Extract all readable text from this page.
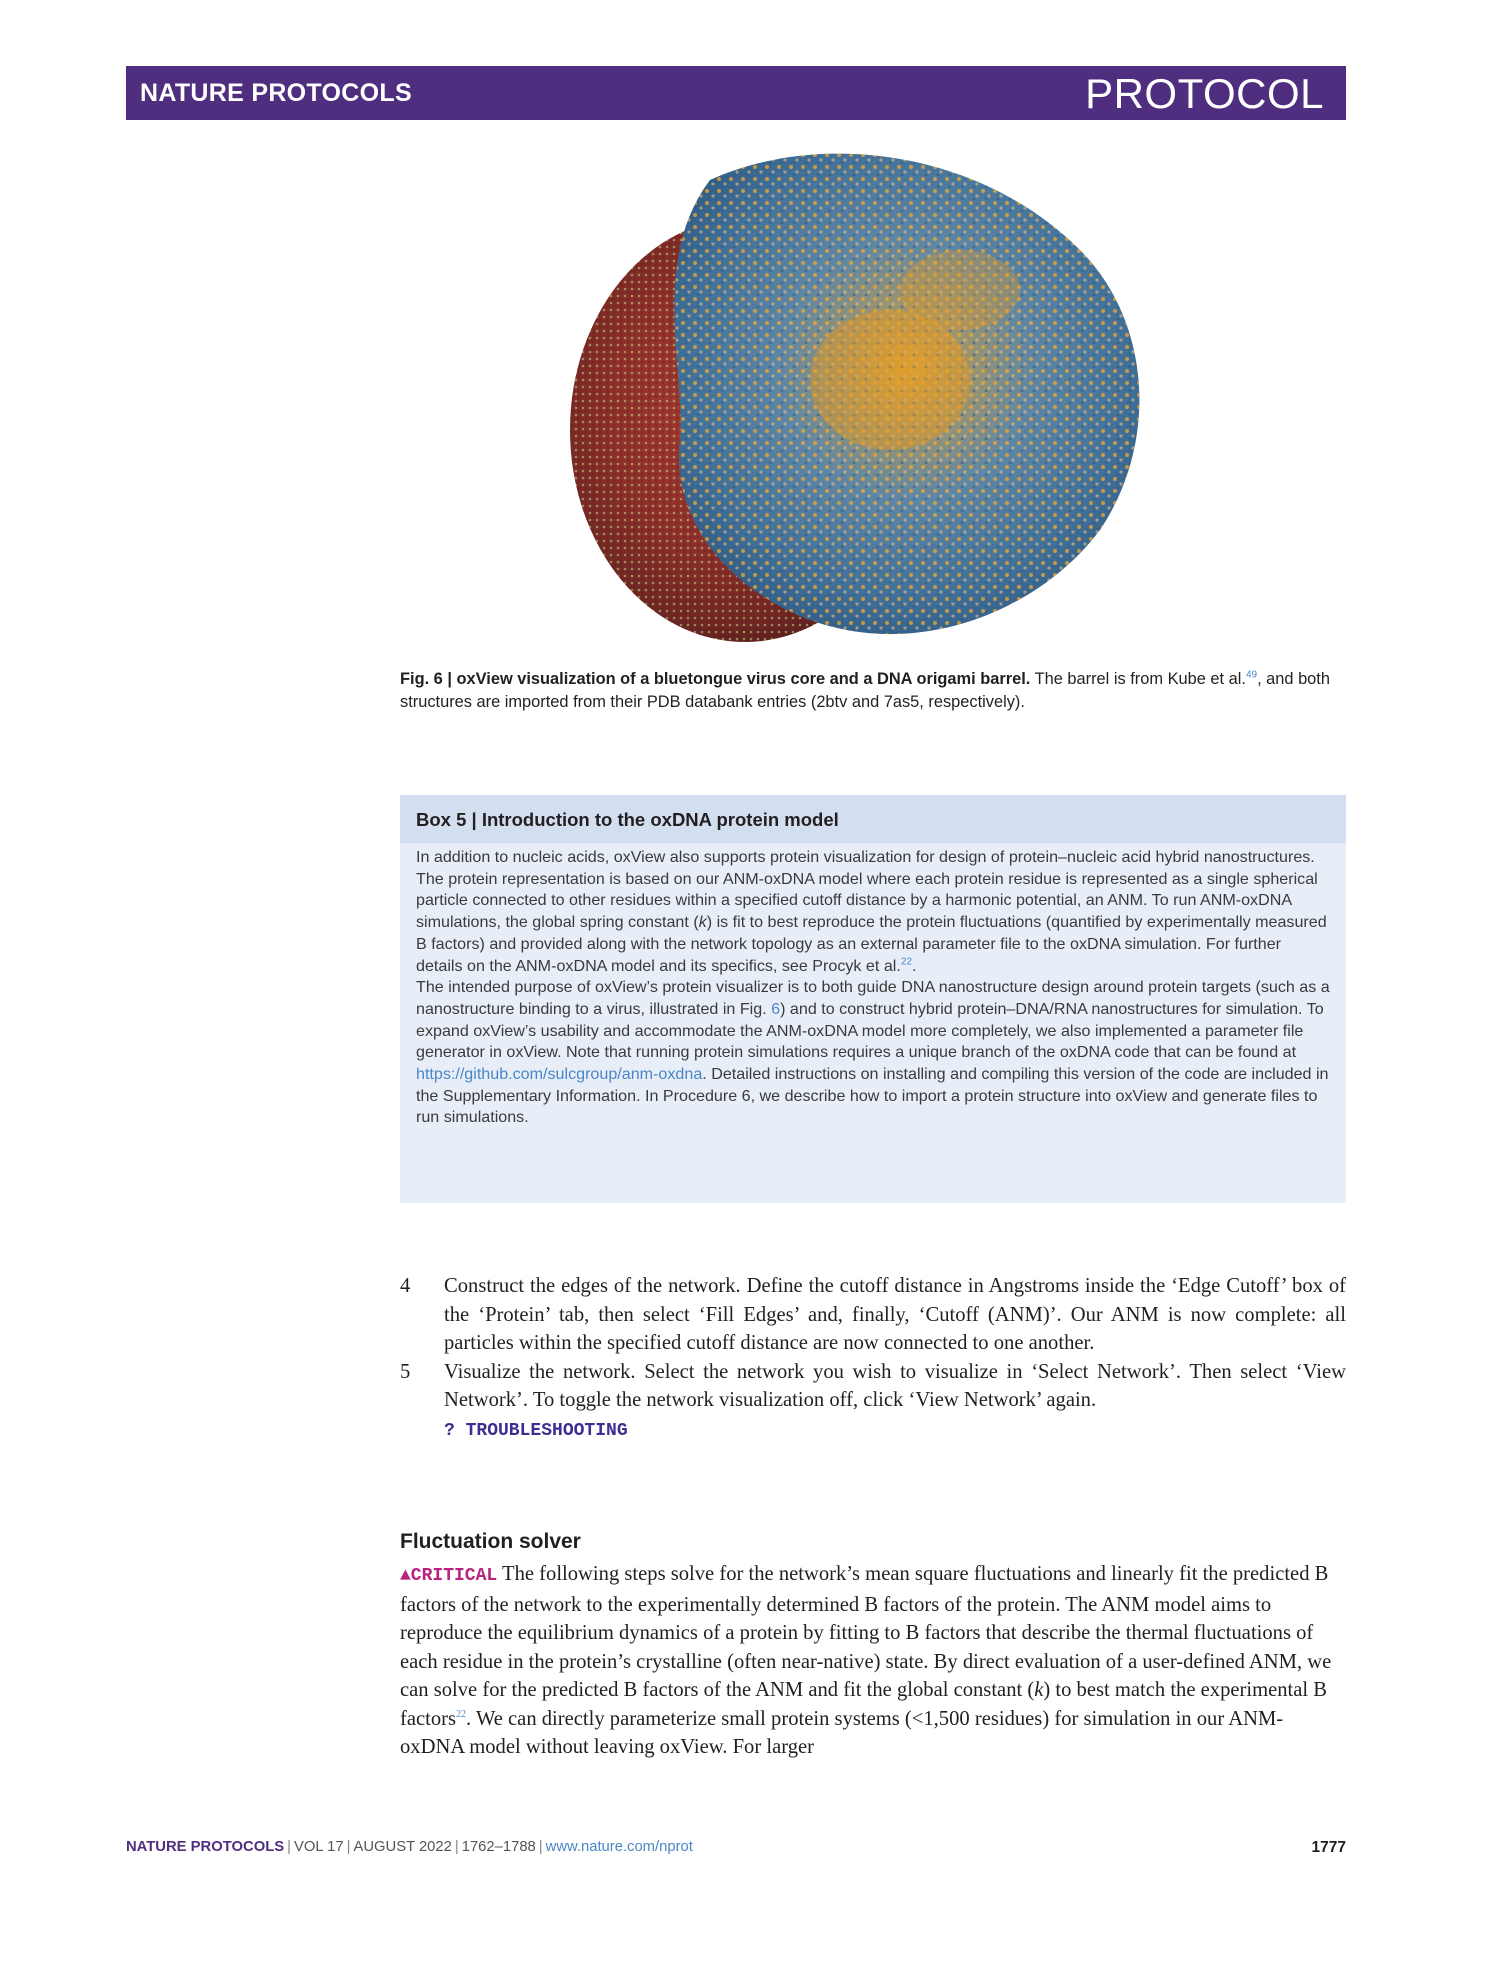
NATURE PROTOCOLS	PROTOCOL
Fig. 6 | oxView visualization of a bluetongue virus core and a DNA origami barrel. The barrel is from Kube et al.$^{49}$, and both structures are imported from their PDB databank entries (2btv and 7as5, respectively).
Box 5 | Introduction to the oxDNA protein model

In addition to nucleic acids, oxView also supports protein visualization for design of protein–nucleic acid hybrid nanostructures. The protein representation is based on our ANM-oxDNA model where each protein residue is represented as a single spherical particle connected to other residues within a specified cutoff distance by a harmonic potential, an ANM. To run ANM-oxDNA simulations, the global spring constant (k) is fit to best reproduce the protein fluctuations (quantified by experimentally measured B factors) and provided along with the network topology as an external parameter file to the oxDNA simulation. For further details on the ANM-oxDNA model and its specifics, see Procyk et al.$^{22}$.

The intended purpose of oxView’s protein visualizer is to both guide DNA nanostructure design around protein targets (such as a nanostructure binding to a virus, illustrated in Fig. 6) and to construct hybrid protein–DNA/RNA nanostructures for simulation. To expand oxView’s usability and accommodate the ANM-oxDNA model more completely, we also implemented a parameter file generator in oxView. Note that running protein simulations requires a unique branch of the oxDNA code that can be found at https://github.com/sulcgroup/anm-oxdna. Detailed instructions on installing and compiling this version of the code are included in the Supplementary Information. In Procedure 6, we describe how to import a protein structure into oxView and generate files to run simulations.

4 Construct the edges of the network. Define the cutoff distance in Angstroms inside the ‘Edge Cutoff’ box of the ‘Protein’ tab, then select ‘Fill Edges’ and, finally, ‘Cutoff (ANM)’. Our ANM is now complete: all particles within the specified cutoff distance are now connected to one another.

5 Visualize the network. Select the network you wish to visualize in ‘Select Network’. Then select ‘View Network’. To toggle the network visualization off, click ‘View Network’ again.
? TROUBLESHOOTING

Fluctuation solver

▲CRITICAL The following steps solve for the network’s mean square fluctuations and linearly fit the predicted B factors of the network to the experimentally determined B factors of the protein. The ANM model aims to reproduce the equilibrium dynamics of a protein by fitting to B factors that describe the thermal fluctuations of each residue in the protein’s crystalline (often near-native) state. By direct evaluation of a user-defined ANM, we can solve for the predicted B factors of the ANM and fit the global constant (k) to best match the experimental B factors$^{22}$. We can directly parameterize small protein systems (<1,500 residues) for simulation in our ANM-oxDNA model without leaving oxView. For larger

NATURE PROTOCOLS | VOL 17 | AUGUST 2022 | 1762–1788 | www.nature.com/nprot	1777
